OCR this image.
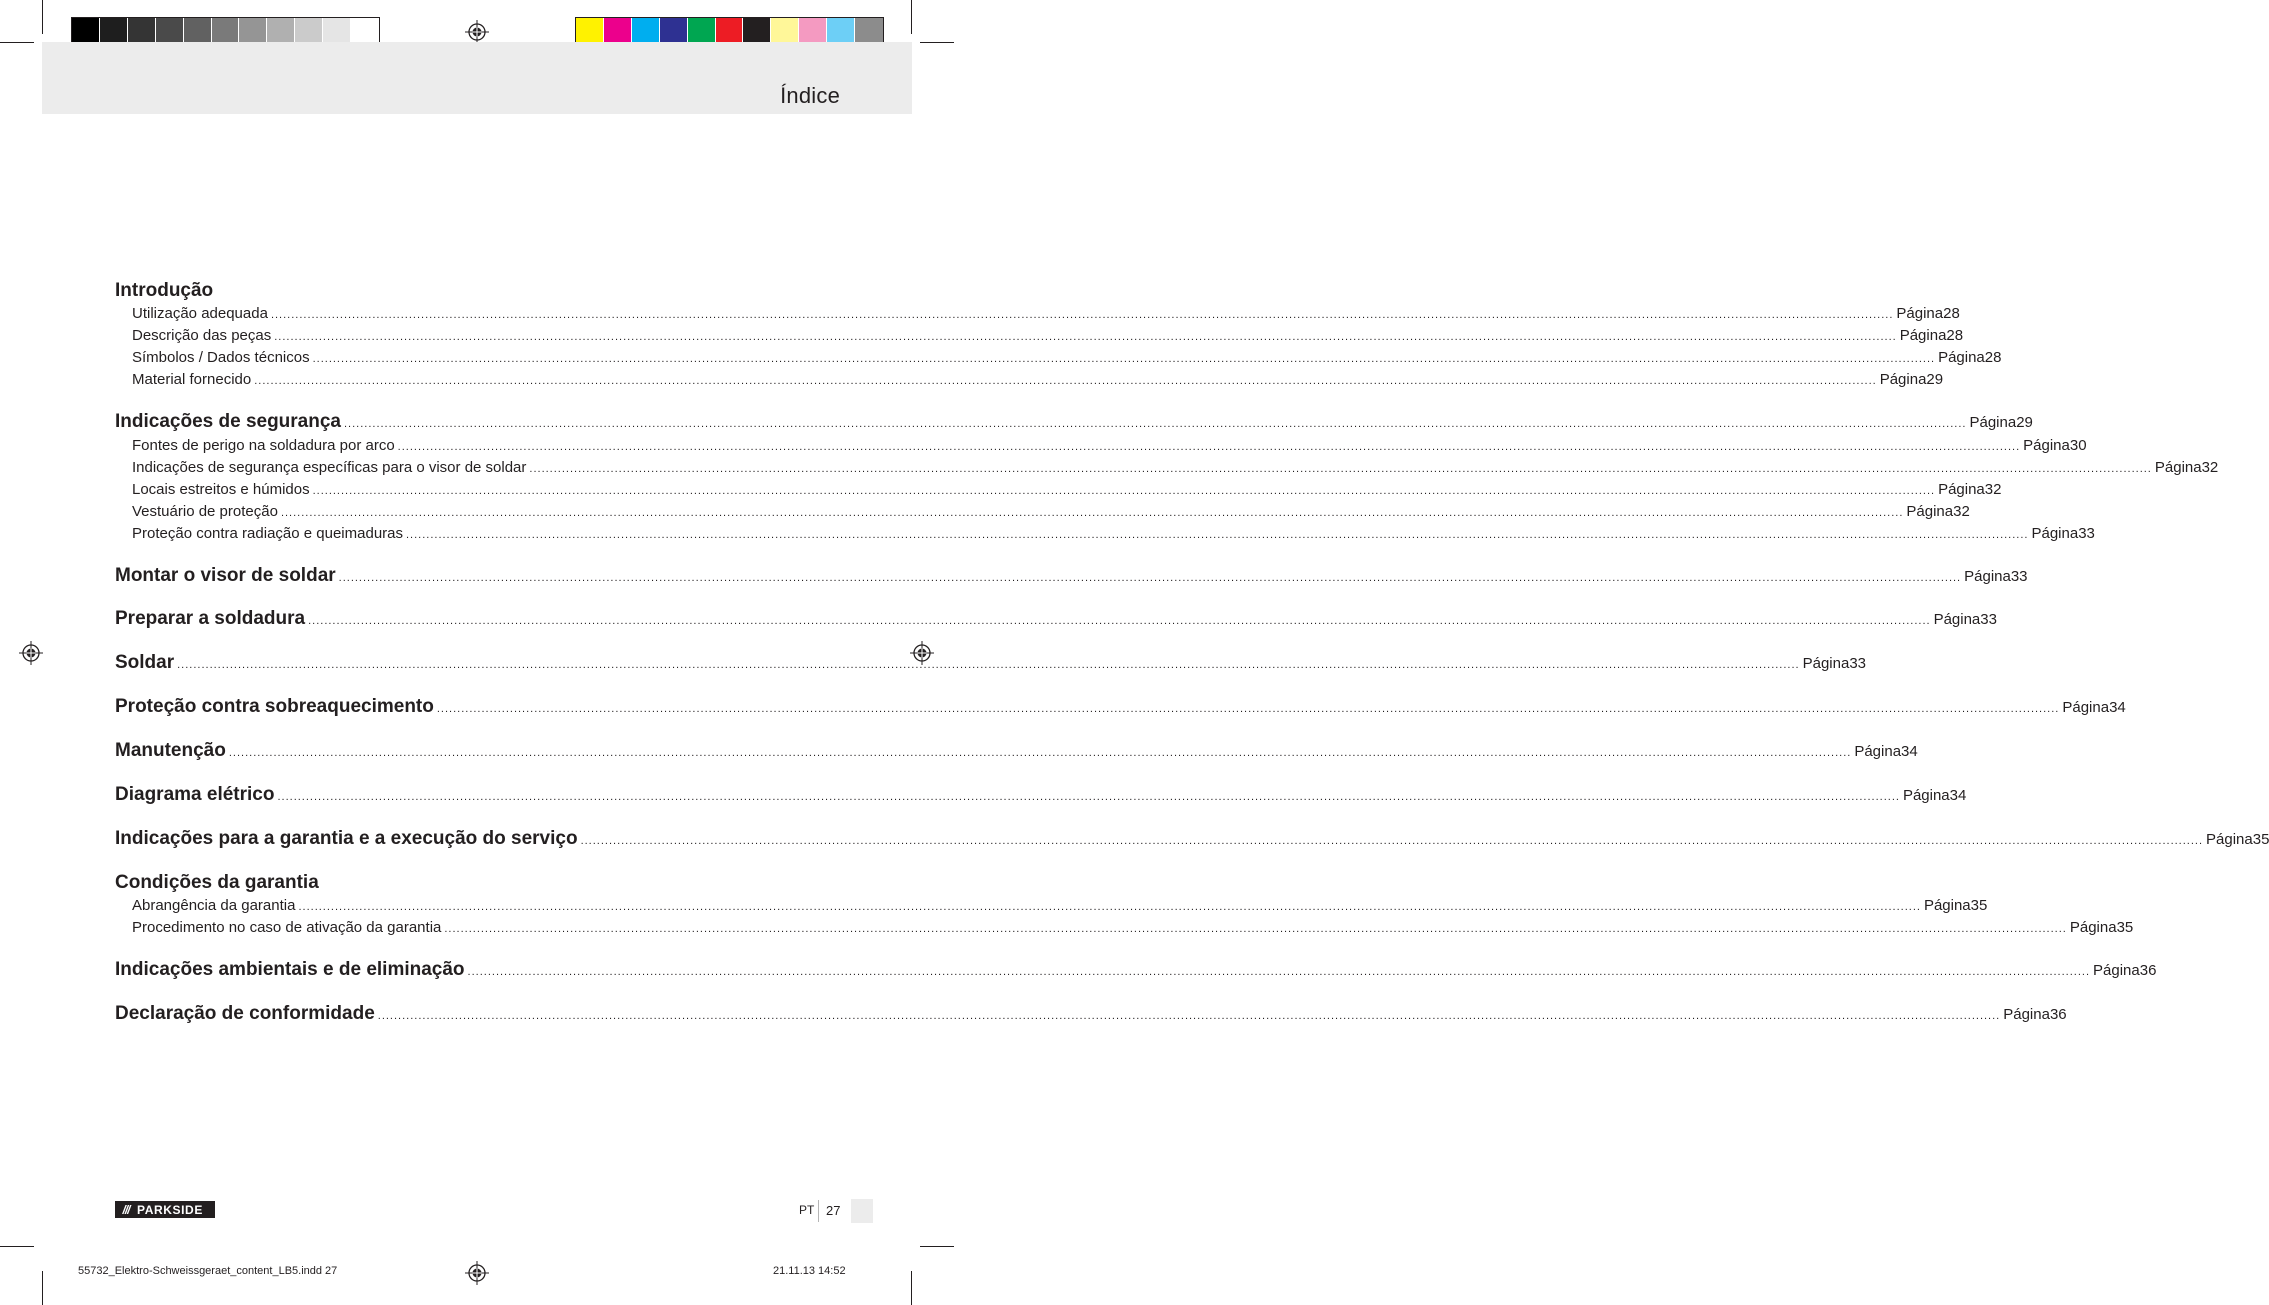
Índice
Introdução
Utilização adequada ................................................................................................................................................................................................................................................................................................................................................................................................................ Página 28
Descrição das peças ................................................................................................................................................................................................................................................................................................................................................................................................................ Página 28
Símbolos / Dados técnicos ................................................................................................................................................................................................................................................................................................................................................................................................................ Página 28
Material fornecido ................................................................................................................................................................................................................................................................................................................................................................................................................ Página 29
Indicações de segurança ................................................................................................................................................................................................................................................................................................................................................................................................................ Página 29
Fontes de perigo na soldadura por arco ................................................................................................................................................................................................................................................................................................................................................................................................................ Página 30
Indicações de segurança específicas para o visor de soldar ................................................................................................................................................................................................................................................................................................................................................................................................................ Página 32
Locais estreitos e húmidos ................................................................................................................................................................................................................................................................................................................................................................................................................ Página 32
Vestuário de proteção ................................................................................................................................................................................................................................................................................................................................................................................................................ Página 32
Proteção contra radiação e queimaduras ................................................................................................................................................................................................................................................................................................................................................................................................................ Página 33
Montar o visor de soldar ................................................................................................................................................................................................................................................................................................................................................................................................................ Página 33
Preparar a soldadura ................................................................................................................................................................................................................................................................................................................................................................................................................ Página 33
Soldar ................................................................................................................................................................................................................................................................................................................................................................................................................ Página 33
Proteção contra sobreaquecimento ................................................................................................................................................................................................................................................................................................................................................................................................................ Página 34
Manutenção ................................................................................................................................................................................................................................................................................................................................................................................................................ Página 34
Diagrama elétrico ................................................................................................................................................................................................................................................................................................................................................................................................................ Página 34
Indicações para a garantia e a execução do serviço ................................................................................................................................................................................................................................................................................................................................................................................................................ Página 35
Condições da garantia
Abrangência da garantia ................................................................................................................................................................................................................................................................................................................................................................................................................ Página 35
Procedimento no caso de ativação da garantia ................................................................................................................................................................................................................................................................................................................................................................................................................ Página 35
Indicações ambientais e de eliminação ................................................................................................................................................................................................................................................................................................................................................................................................................ Página 36
Declaração de conformidade ................................................................................................................................................................................................................................................................................................................................................................................................................ Página 36
/// PARKSIDE	PT 27
55732_Elektro-Schweissgeraet_content_LB5.indd 27	21.11.13 14:52
